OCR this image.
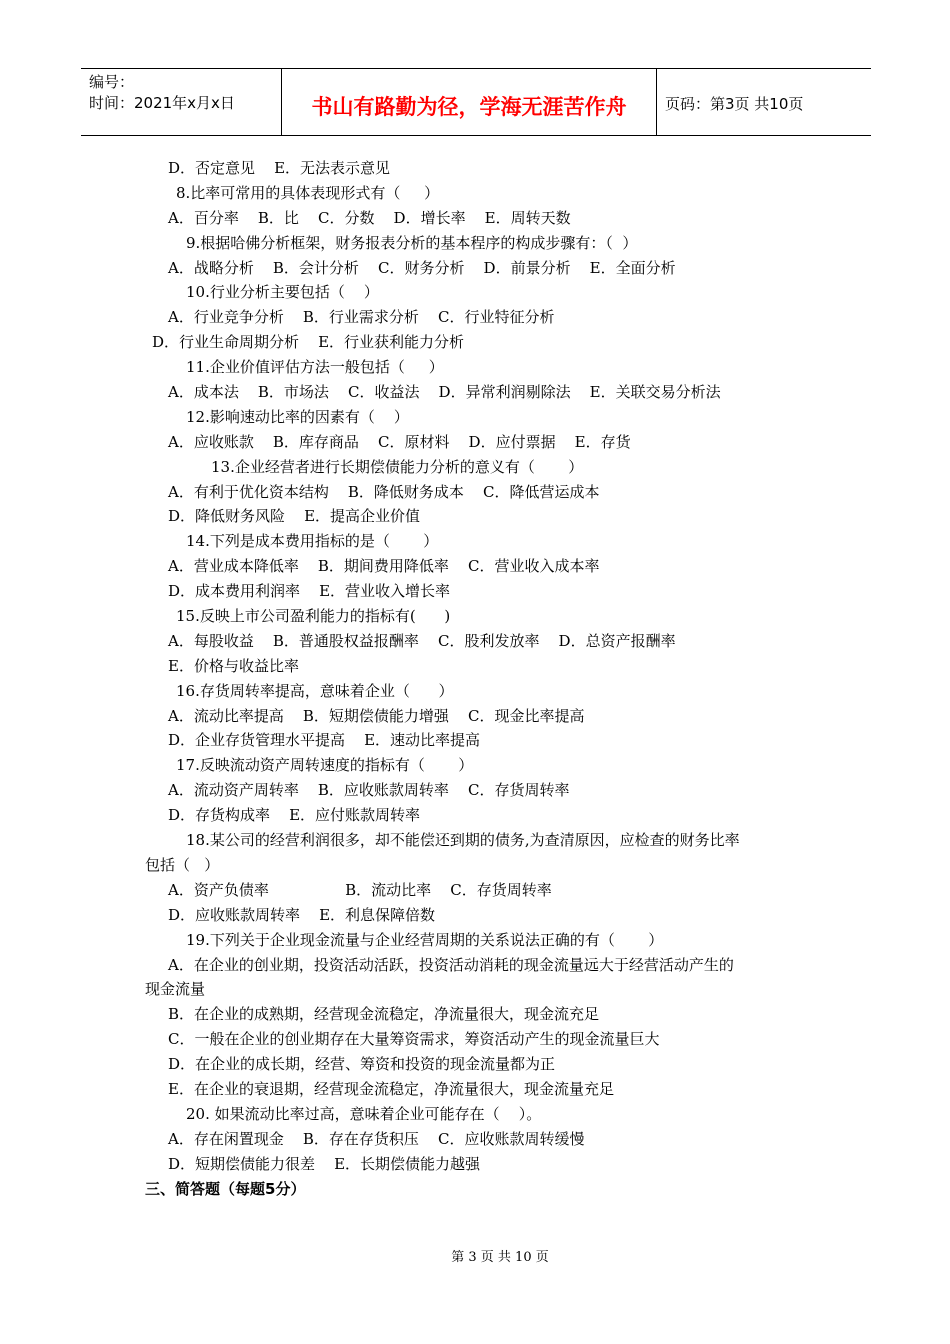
编号：
时间：2021年x月x日	书山有路勤为径，学海无涯苦作舟	页码：第3页 共10页
D．否定意见    E．无法表示意见
8.比率可常用的具体表现形式有（     ）
A．百分率    B．比    C．分数    D．增长率    E．周转天数
9.根据哈佛分析框架，财务报表分析的基本程序的构成步骤有：（  ）
A．战略分析    B．会计分析    C．财务分析    D．前景分析    E．全面分析
10.行业分析主要包括（    ）
A．行业竞争分析    B．行业需求分析    C．行业特征分析
D．行业生命周期分析    E．行业获利能力分析
11.企业价值评估方法一般包括（     ）
A．成本法    B．市场法    C．收益法    D．异常利润剔除法    E．关联交易分析法
12.影响速动比率的因素有（    ）
A．应收账款    B．库存商品    C．原材料    D．应付票据    E．存货
13.企业经营者进行长期偿债能力分析的意义有（       ）
A．有利于优化资本结构    B．降低财务成本    C．降低营运成本
D．降低财务风险    E．提高企业价值
14.下列是成本费用指标的是（       ）
A．营业成本降低率    B．期间费用降低率    C．营业收入成本率
D．成本费用利润率    E．营业收入增长率
15.反映上市公司盈利能力的指标有(      )
A．每股收益    B．普通股权益报酬率    C．股利发放率    D．总资产报酬率
E．价格与收益比率
16.存货周转率提高，意味着企业（      ）
A．流动比率提高    B．短期偿债能力增强    C．现金比率提高
D．企业存货管理水平提高    E．速动比率提高
17.反映流动资产周转速度的指标有（       ）
A．流动资产周转率    B．应收账款周转率    C．存货周转率
D．存货构成率    E．应付账款周转率
18.某公司的经营利润很多，却不能偿还到期的债务,为查清原因，应检查的财务比率
包括（   ）
A．资产负债率                B．流动比率    C．存货周转率
D．应收账款周转率    E．利息保障倍数
19.下列关于企业现金流量与企业经营周期的关系说法正确的有（       ）
A．在企业的创业期，投资活动活跃，投资活动消耗的现金流量远大于经营活动产生的
现金流量
B．在企业的成熟期，经营现金流稳定，净流量很大，现金流充足
C．一般在企业的创业期存在大量筹资需求，筹资活动产生的现金流量巨大
D．在企业的成长期，经营、筹资和投资的现金流量都为正
E．在企业的衰退期，经营现金流稳定，净流量很大，现金流量充足
20. 如果流动比率过高，意味着企业可能存在（    ）。
A．存在闲置现金    B．存在存货积压    C．应收账款周转缓慢
D．短期偿债能力很差    E．长期偿债能力越强
三、简答题（每题5分）
第 3 页 共 10 页
